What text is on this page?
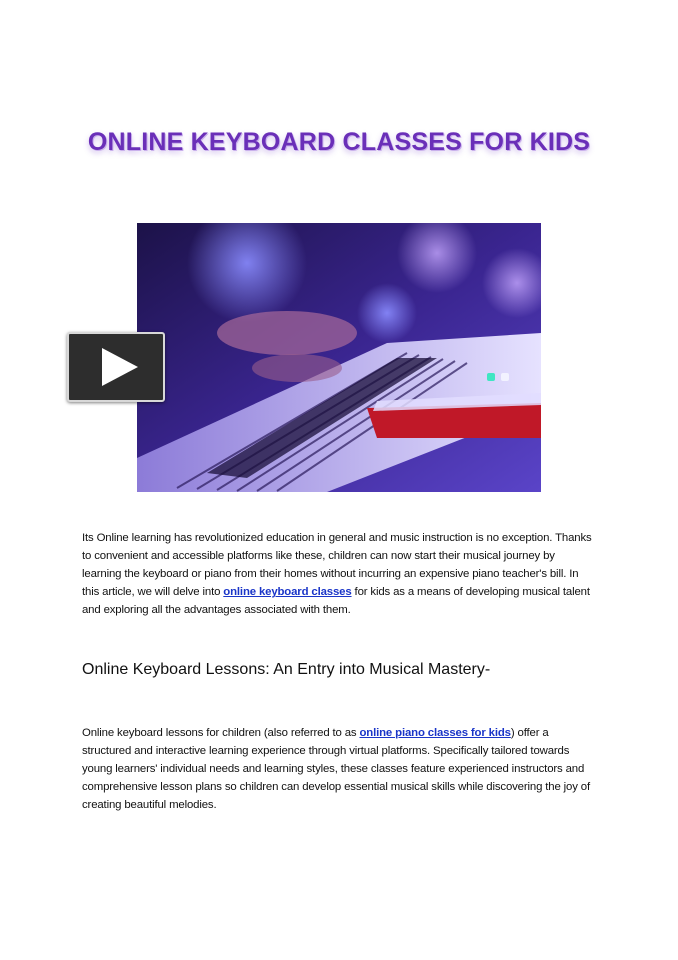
ONLINE KEYBOARD CLASSES FOR KIDS

Its Online learning has revolutionized education in general and music instruction is no exception. Thanks to convenient and accessible platforms like these, children can now start their musical journey by learning the keyboard or piano from their homes without incurring an expensive piano teacher's bill. In this article, we will delve into online keyboard classes for kids as a means of developing musical talent and exploring all the advantages associated with them.

Online Keyboard Lessons: An Entry into Musical Mastery-

Online keyboard lessons for children (also referred to as online piano classes for kids) offer a structured and interactive learning experience through virtual platforms. Specifically tailored towards young learners' individual needs and learning styles, these classes feature experienced instructors and comprehensive lesson plans so children can develop essential musical skills while discovering the joy of creating beautiful melodies.
